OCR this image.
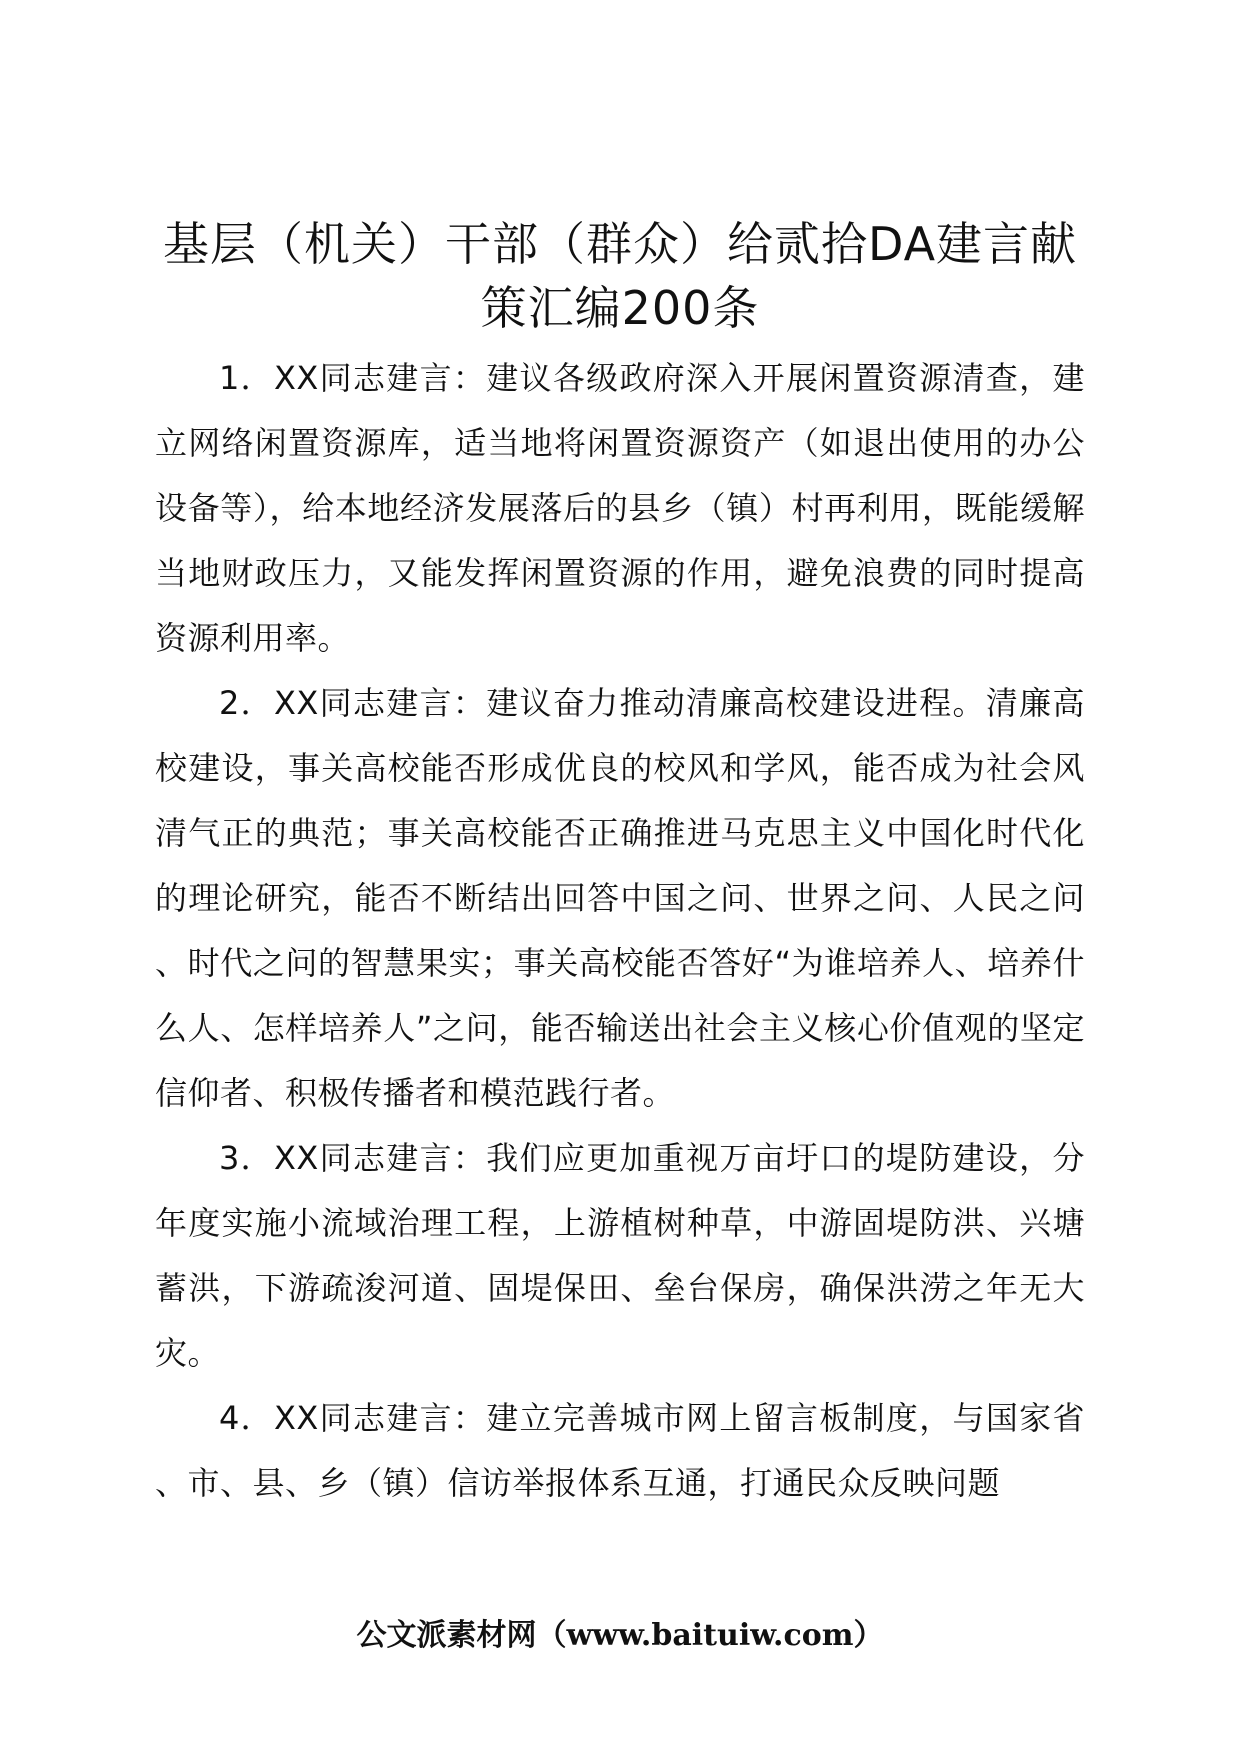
基层（机关）干部（群众）给贰拾DA建言献策汇编200条

1．XX同志建言：建议各级政府深入开展闲置资源清查，建立网络闲置资源库，适当地将闲置资源资产（如退出使用的办公设备等），给本地经济发展落后的县乡（镇）村再利用，既能缓解当地财政压力，又能发挥闲置资源的作用，避免浪费的同时提高资源利用率。

2．XX同志建言：建议奋力推动清廉高校建设进程。清廉高校建设，事关高校能否形成优良的校风和学风，能否成为社会风清气正的典范；事关高校能否正确推进马克思主义中国化时代化的理论研究，能否不断结出回答中国之问、世界之问、人民之问、时代之问的智慧果实；事关高校能否答好“为谁培养人、培养什么人、怎样培养人”之问，能否输送出社会主义核心价值观的坚定信仰者、积极传播者和模范践行者。

3．XX同志建言：我们应更加重视万亩圩口的堤防建设，分年度实施小流域治理工程，上游植树种草，中游固堤防洪、兴塘蓄洪，下游疏浚河道、固堤保田、垒台保房，确保洪涝之年无大灾。

4．XX同志建言：建立完善城市网上留言板制度，与国家省、市、县、乡（镇）信访举报体系互通，打通民众反映问题

公文派素材网（www.baituiw.com）
